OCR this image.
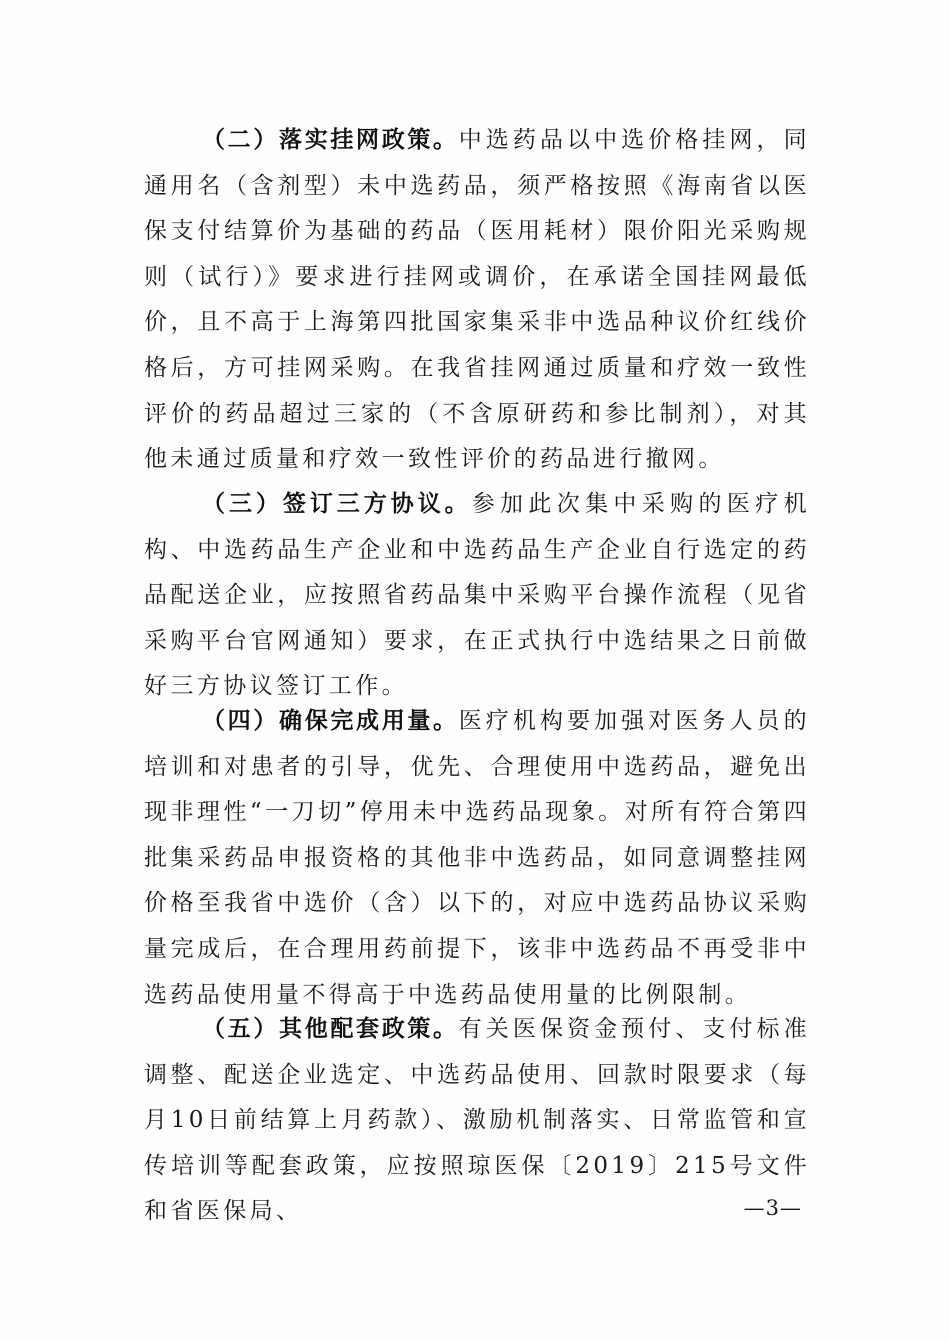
（二）落实挂网政策。中选药品以中选价格挂网，同通用名（含剂型）未中选药品，须严格按照《海南省以医保支付结算价为基础的药品（医用耗材）限价阳光采购规则（试行）》要求进行挂网或调价，在承诺全国挂网最低价，且不高于上海第四批国家集采非中选品种议价红线价格后，方可挂网采购。在我省挂网通过质量和疗效一致性评价的药品超过三家的（不含原研药和参比制剂），对其他未通过质量和疗效一致性评价的药品进行撤网。

（三）签订三方协议。参加此次集中采购的医疗机构、中选药品生产企业和中选药品生产企业自行选定的药品配送企业，应按照省药品集中采购平台操作流程（见省采购平台官网通知）要求，在正式执行中选结果之日前做好三方协议签订工作。

（四）确保完成用量。医疗机构要加强对医务人员的培训和对患者的引导，优先、合理使用中选药品，避免出现非理性“一刀切”停用未中选药品现象。对所有符合第四批集采药品申报资格的其他非中选药品，如同意调整挂网价格至我省中选价（含）以下的，对应中选药品协议采购量完成后，在合理用药前提下，该非中选药品不再受非中选药品使用量不得高于中选药品使用量的比例限制。

（五）其他配套政策。有关医保资金预付、支付标准调整、配送企业选定、中选药品使用、回款时限要求（每月10日前结算上月药款）、激励机制落实、日常监管和宣传培训等配套政策，应按照琼医保〔2019〕215号文件和省医保局、	—3—
